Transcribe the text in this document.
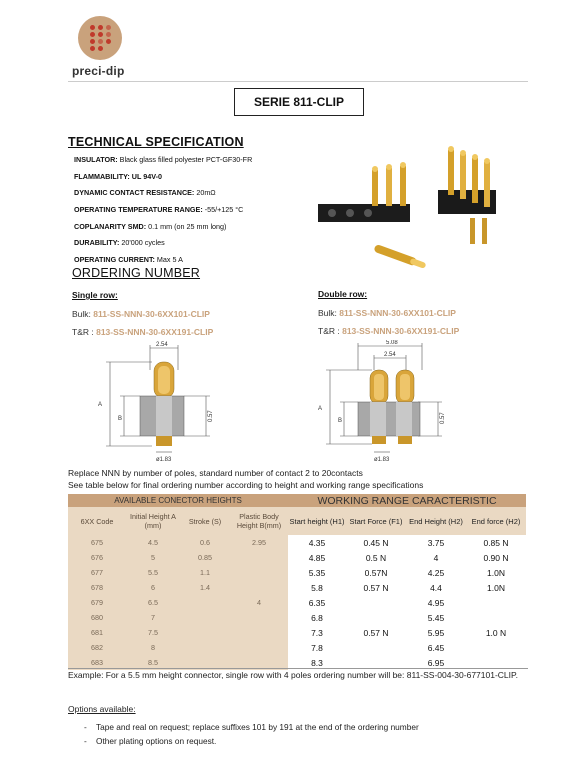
preci-dip
SERIE 811-CLIP
TECHNICAL SPECIFICATION
INSULATOR: Black glass filled polyester PCT-GF30-FR
FLAMMABILITY: UL 94V-0
DYNAMIC CONTACT RESISTANCE: 20mΩ
OPERATING TEMPERATURE RANGE: -55/+125 °C
COPLANARITY SMD: 0.1 mm (on 25 mm long)
DURABILITY: 20'000 cycles
OPERATING CURRENT: Max 5 A
ORDERING NUMBER
Single row:
Bulk: 811-SS-NNN-30-6XX101-CLIP
T&R : 813-SS-NNN-30-6XX191-CLIP
Double row:
Bulk: 811-SS-NNN-30-6XX101-CLIP
T&R : 813-SS-NNN-30-6XX191-CLIP
2.54
A
B	0.57
ø1.83
5.08
2.54
A
B	0.57
ø1.83
Replace NNN by number of poles, standard number of contact 2 to 20contacts
See table below for final ordering number according to height and working range specifications
AVAILABLE CONECTOR HEIGHTS				WORKING RANGE CARACTERISTIC			
6XX Code	Initial Height A (mm)	Stroke (S)	Plastic Body Height B(mm)	Start height (H1)	Start Force (F1)	End Height (H2)	End force (H2)
675	4.5	0.6	2.95	4.35	0.45 N	3.75	0.85 N
676	5	0.85		4.85	0.5 N	4	0.90 N
677	5.5	1.1		5.35	0.57N	4.25	1.0N
678	6	1.4		5.8	0.57 N	4.4	1.0N
679	6.5		4	6.35	0.57 N	4.95	1.0 N
680	7			6.8		5.45	
681	7.5			7.3		5.95	
682	8			7.8		6.45	
683	8.5			8.3		6.95	
Example: For a 5.5 mm height connector, single row with 4 poles ordering number will be: 811-SS-004-30-677101-CLIP.
Options available:
-    Tape and real on request; replace suffixes 101 by 191 at the end of the ordering number
-    Other plating options on request.
